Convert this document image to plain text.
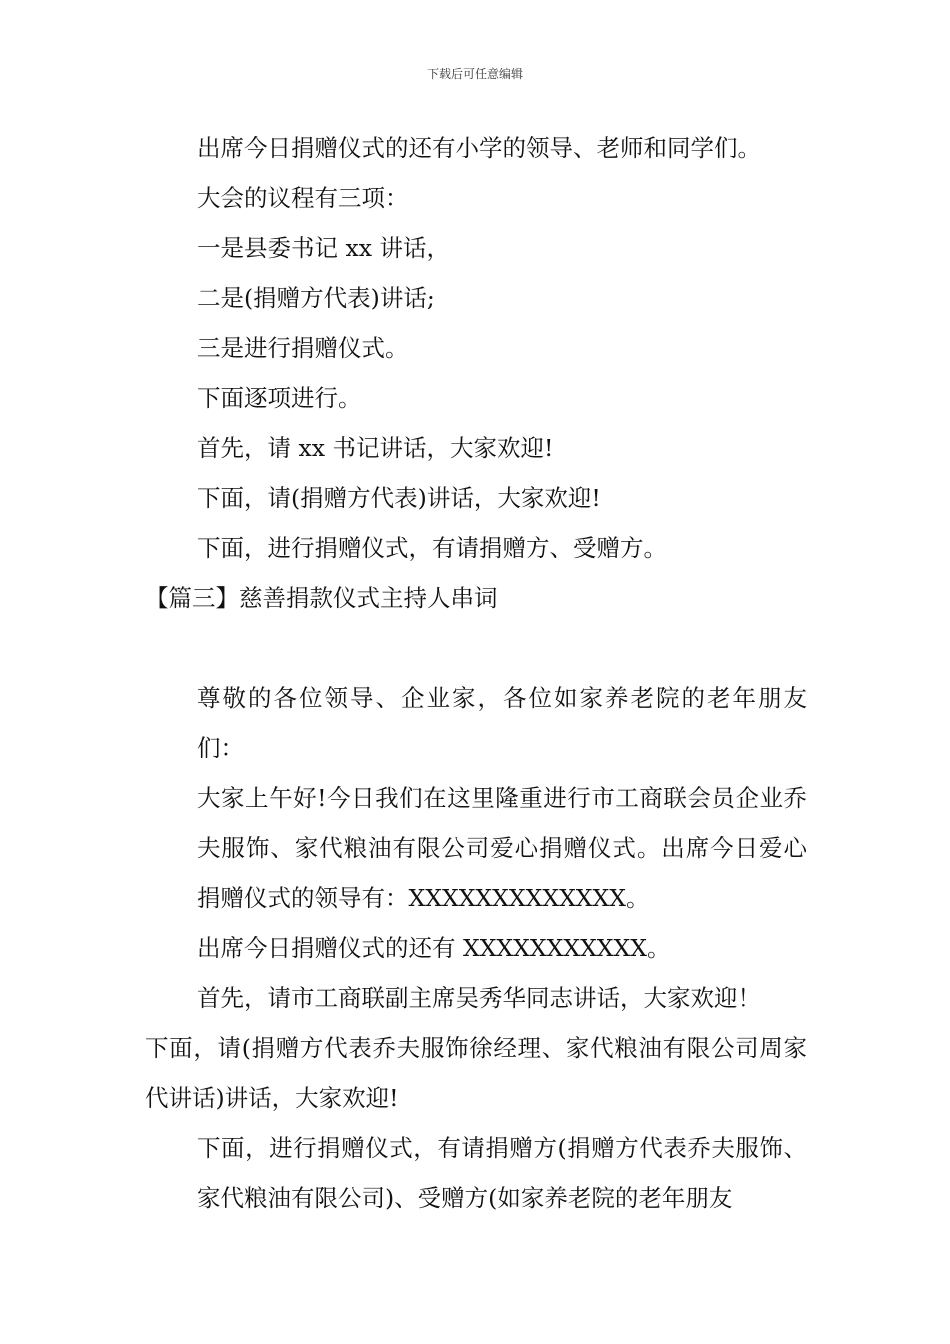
下载后可任意编辑

出席今日捐赠仪式的还有小学的领导、老师和同学们。

大会的议程有三项：

一是县委书记 xx 讲话，

二是(捐赠方代表)讲话;

三是进行捐赠仪式。

下面逐项进行。

首先，请 xx 书记讲话，大家欢迎!

下面，请(捐赠方代表)讲话，大家欢迎!

下面，进行捐赠仪式，有请捐赠方、受赠方。

【篇三】慈善捐款仪式主持人串词

尊敬的各位领导、企业家，各位如家养老院的老年朋友们：

大家上午好!今日我们在这里隆重进行市工商联会员企业乔夫服饰、家代粮油有限公司爱心捐赠仪式。出席今日爱心捐赠仪式的领导有：XXXXXXXXXXXXX。

出席今日捐赠仪式的还有 XXXXXXXXXXX。

首先，请市工商联副主席吴秀华同志讲话，大家欢迎！

下面，请(捐赠方代表乔夫服饰徐经理、家代粮油有限公司周家代讲话)讲话，大家欢迎!

下面，进行捐赠仪式，有请捐赠方(捐赠方代表乔夫服饰、家代粮油有限公司)、受赠方(如家养老院的老年朋友
